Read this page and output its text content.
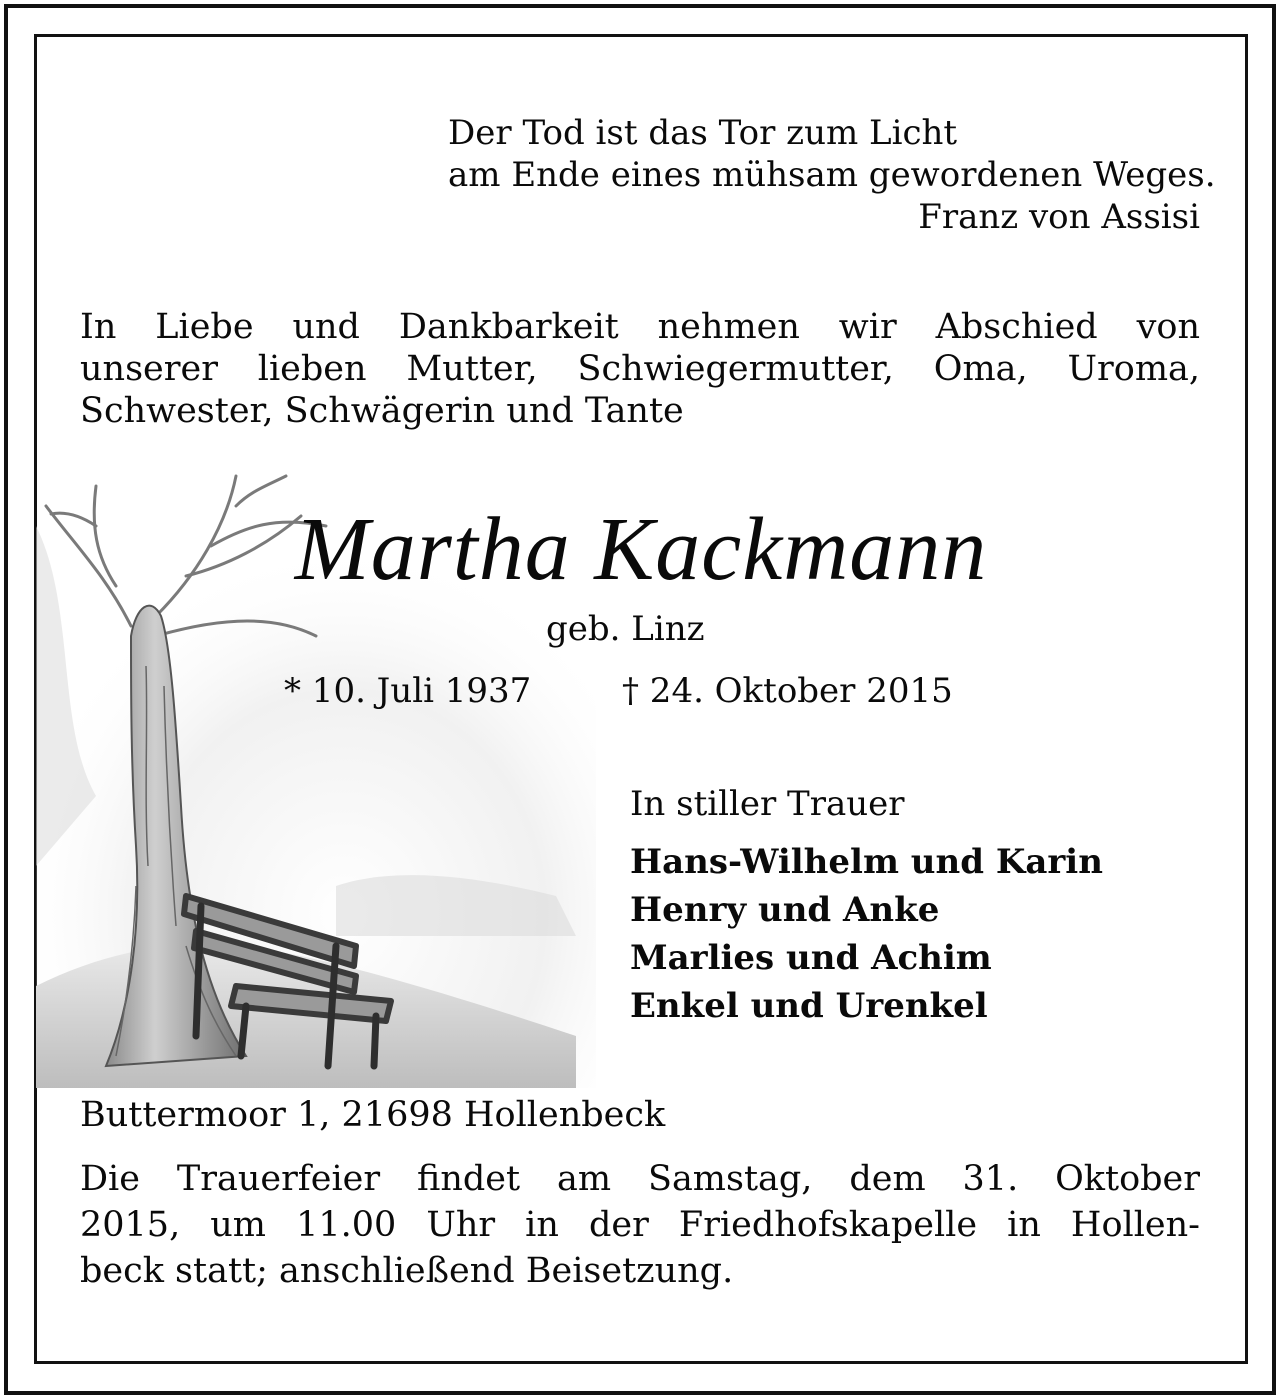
Der Tod ist das Tor zum Licht
am Ende eines mühsam gewordenen Weges.
Franz von Assisi
In Liebe und Dankbarkeit nehmen wir Abschied von
unserer lieben Mutter, Schwiegermutter, Oma, Uroma,
Schwester, Schwägerin und Tante
Martha Kackmann
geb. Linz
* 10. Juli 1937	† 24. Oktober 2015
In stiller Trauer
Hans-Wilhelm und Karin
Henry und Anke
Marlies und Achim
Enkel und Urenkel
Buttermoor 1, 21698 Hollenbeck
Die Trauerfeier findet am Samstag, dem 31. Oktober
2015, um 11.00 Uhr in der Friedhofskapelle in Hollen-
beck statt; anschließend Beisetzung.
